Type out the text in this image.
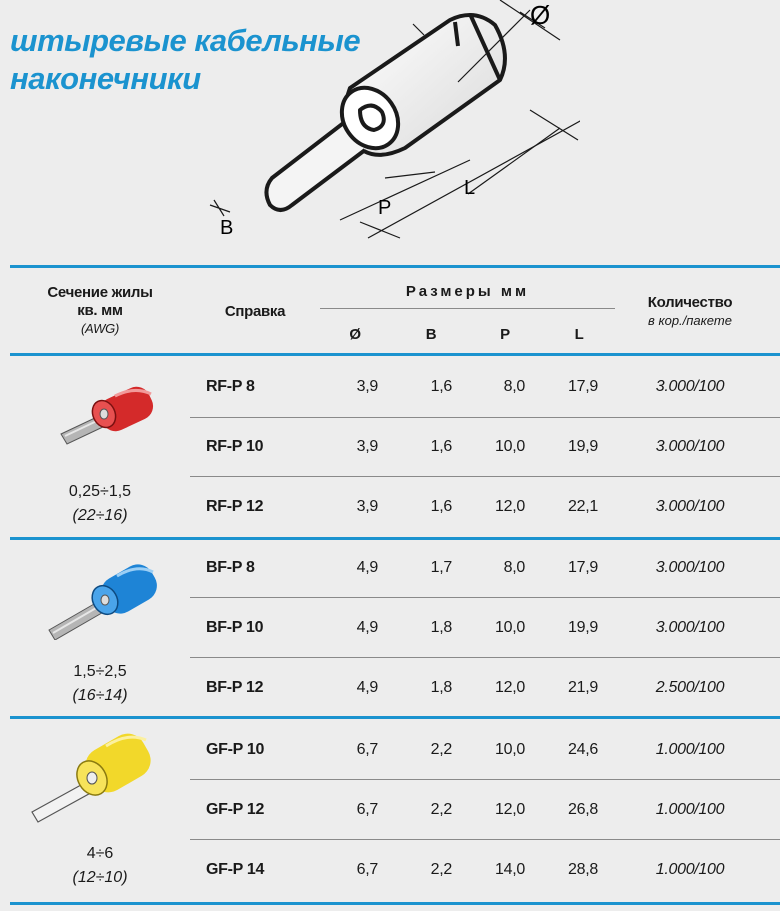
штыревые кабельные
наконечники
Ø
B
P
L
Сечение жилы
кв. мм
(AWG)
Справка
Размеры мм
Ø	B	P	L
Количество
в кор./пакете
0,25÷1,5
(22÷16)
RF-P 8	3,9	1,6	8,0	17,9	3.000/100
RF-P 10	3,9	1,6	10,0	19,9	3.000/100
RF-P 12	3,9	1,6	12,0	22,1	3.000/100
1,5÷2,5
(16÷14)
BF-P 8	4,9	1,7	8,0	17,9	3.000/100
BF-P 10	4,9	1,8	10,0	19,9	3.000/100
BF-P 12	4,9	1,8	12,0	21,9	2.500/100
4÷6
(12÷10)
GF-P 10	6,7	2,2	10,0	24,6	1.000/100
GF-P 12	6,7	2,2	12,0	26,8	1.000/100
GF-P 14	6,7	2,2	14,0	28,8	1.000/100
